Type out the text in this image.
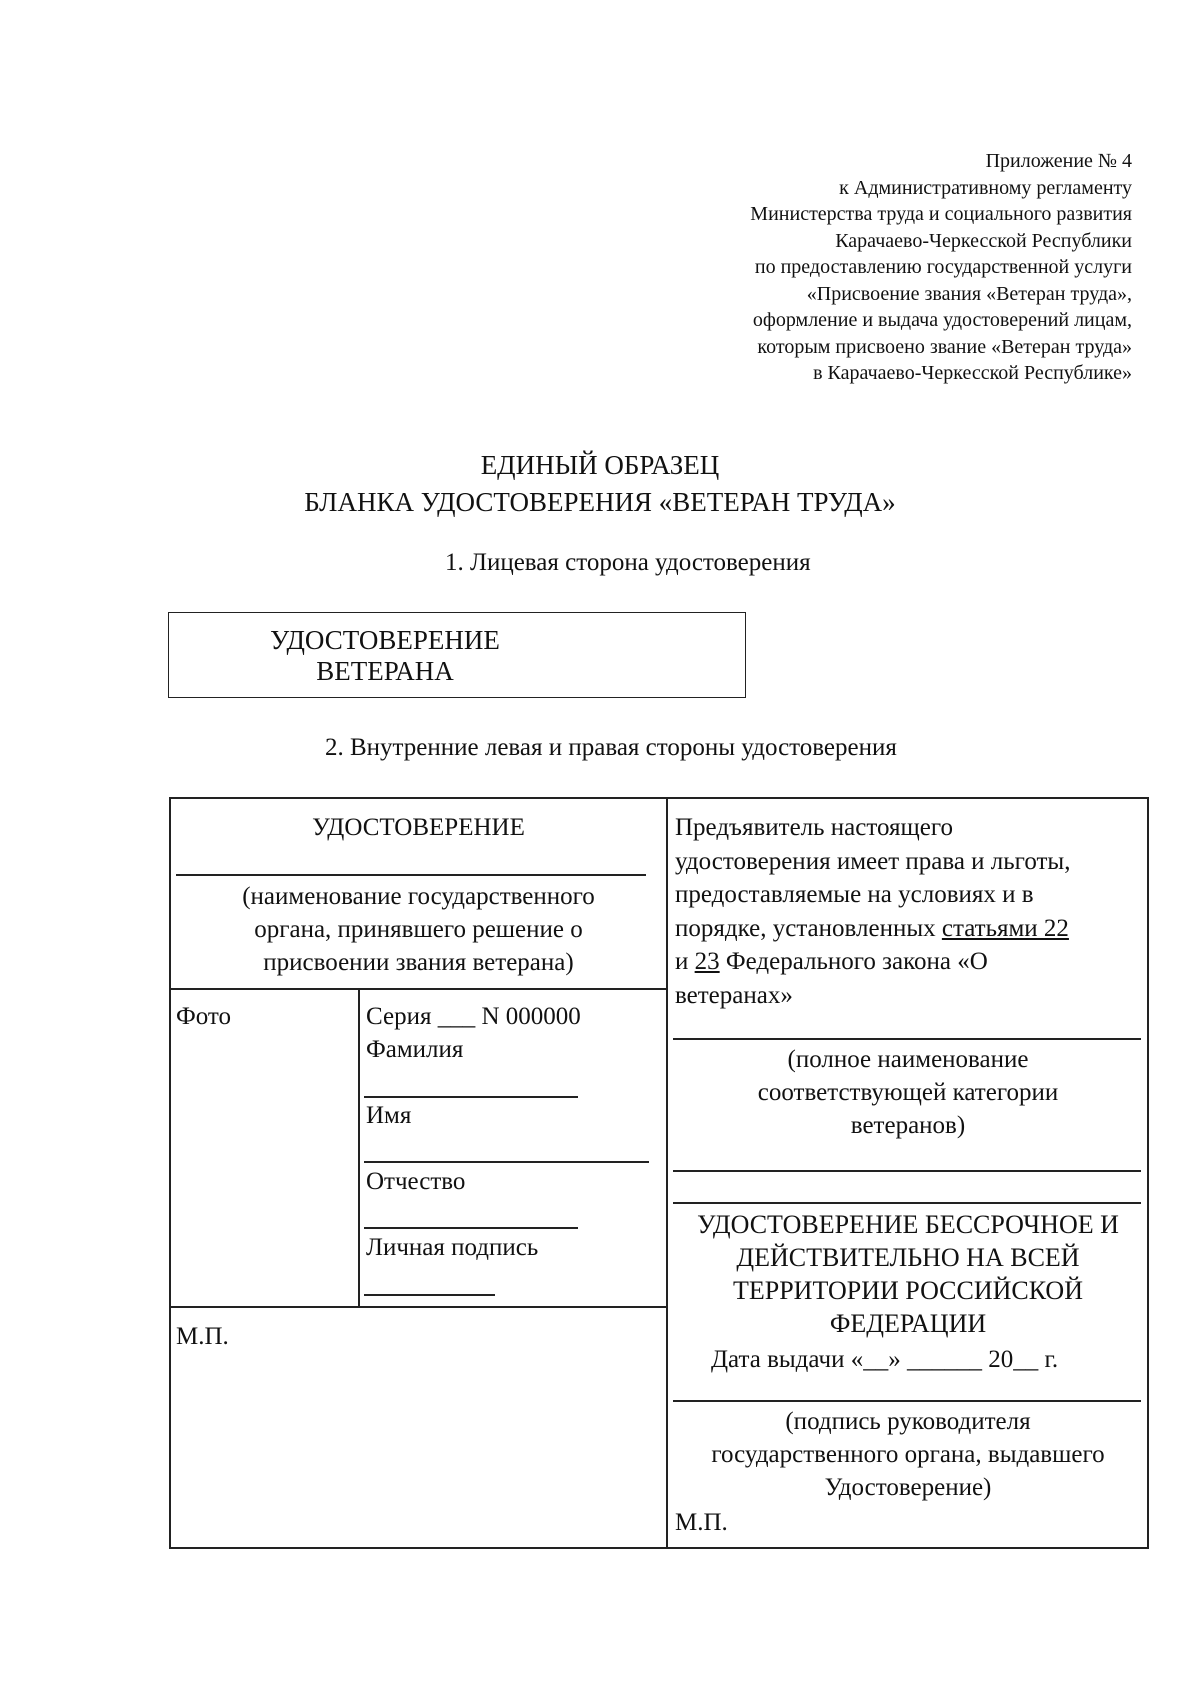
Приложение № 4
к Административному регламенту
Министерства труда и социального развития
Карачаево-Черкесской Республики
по предоставлению государственной услуги
«Присвоение звания «Ветеран труда»,
оформление и выдача удостоверений лицам,
которым присвоено звание «Ветеран труда»
в Карачаево-Черкесской Республике»
ЕДИНЫЙ ОБРАЗЕЦ
БЛАНКА УДОСТОВЕРЕНИЯ «ВЕТЕРАН ТРУДА»
1. Лицевая сторона удостоверения
УДОСТОВЕРЕНИЕ
ВЕТЕРАНА
2. Внутренние левая и правая стороны удостоверения
УДОСТОВЕРЕНИЕ
(наименование государственного
органа, принявшего решение о
присвоении звания ветерана)
Фото	Серия ___ N 000000
Фамилия
Имя
Отчество
Личная подпись
М.П.
Предъявитель настоящего
удостоверения имеет права и льготы,
предоставляемые на условиях и в
порядке, установленных статьями 22
и 23 Федерального закона «О
ветеранах»
(полное наименование
соответствующей категории
ветеранов)
УДОСТОВЕРЕНИЕ БЕССРОЧНОЕ И
ДЕЙСТВИТЕЛЬНО НА ВСЕЙ
ТЕРРИТОРИИ РОССИЙСКОЙ
ФЕДЕРАЦИИ
Дата выдачи «__» ______ 20__ г.
(подпись руководителя
государственного органа, выдавшего
Удостоверение)
М.П.
